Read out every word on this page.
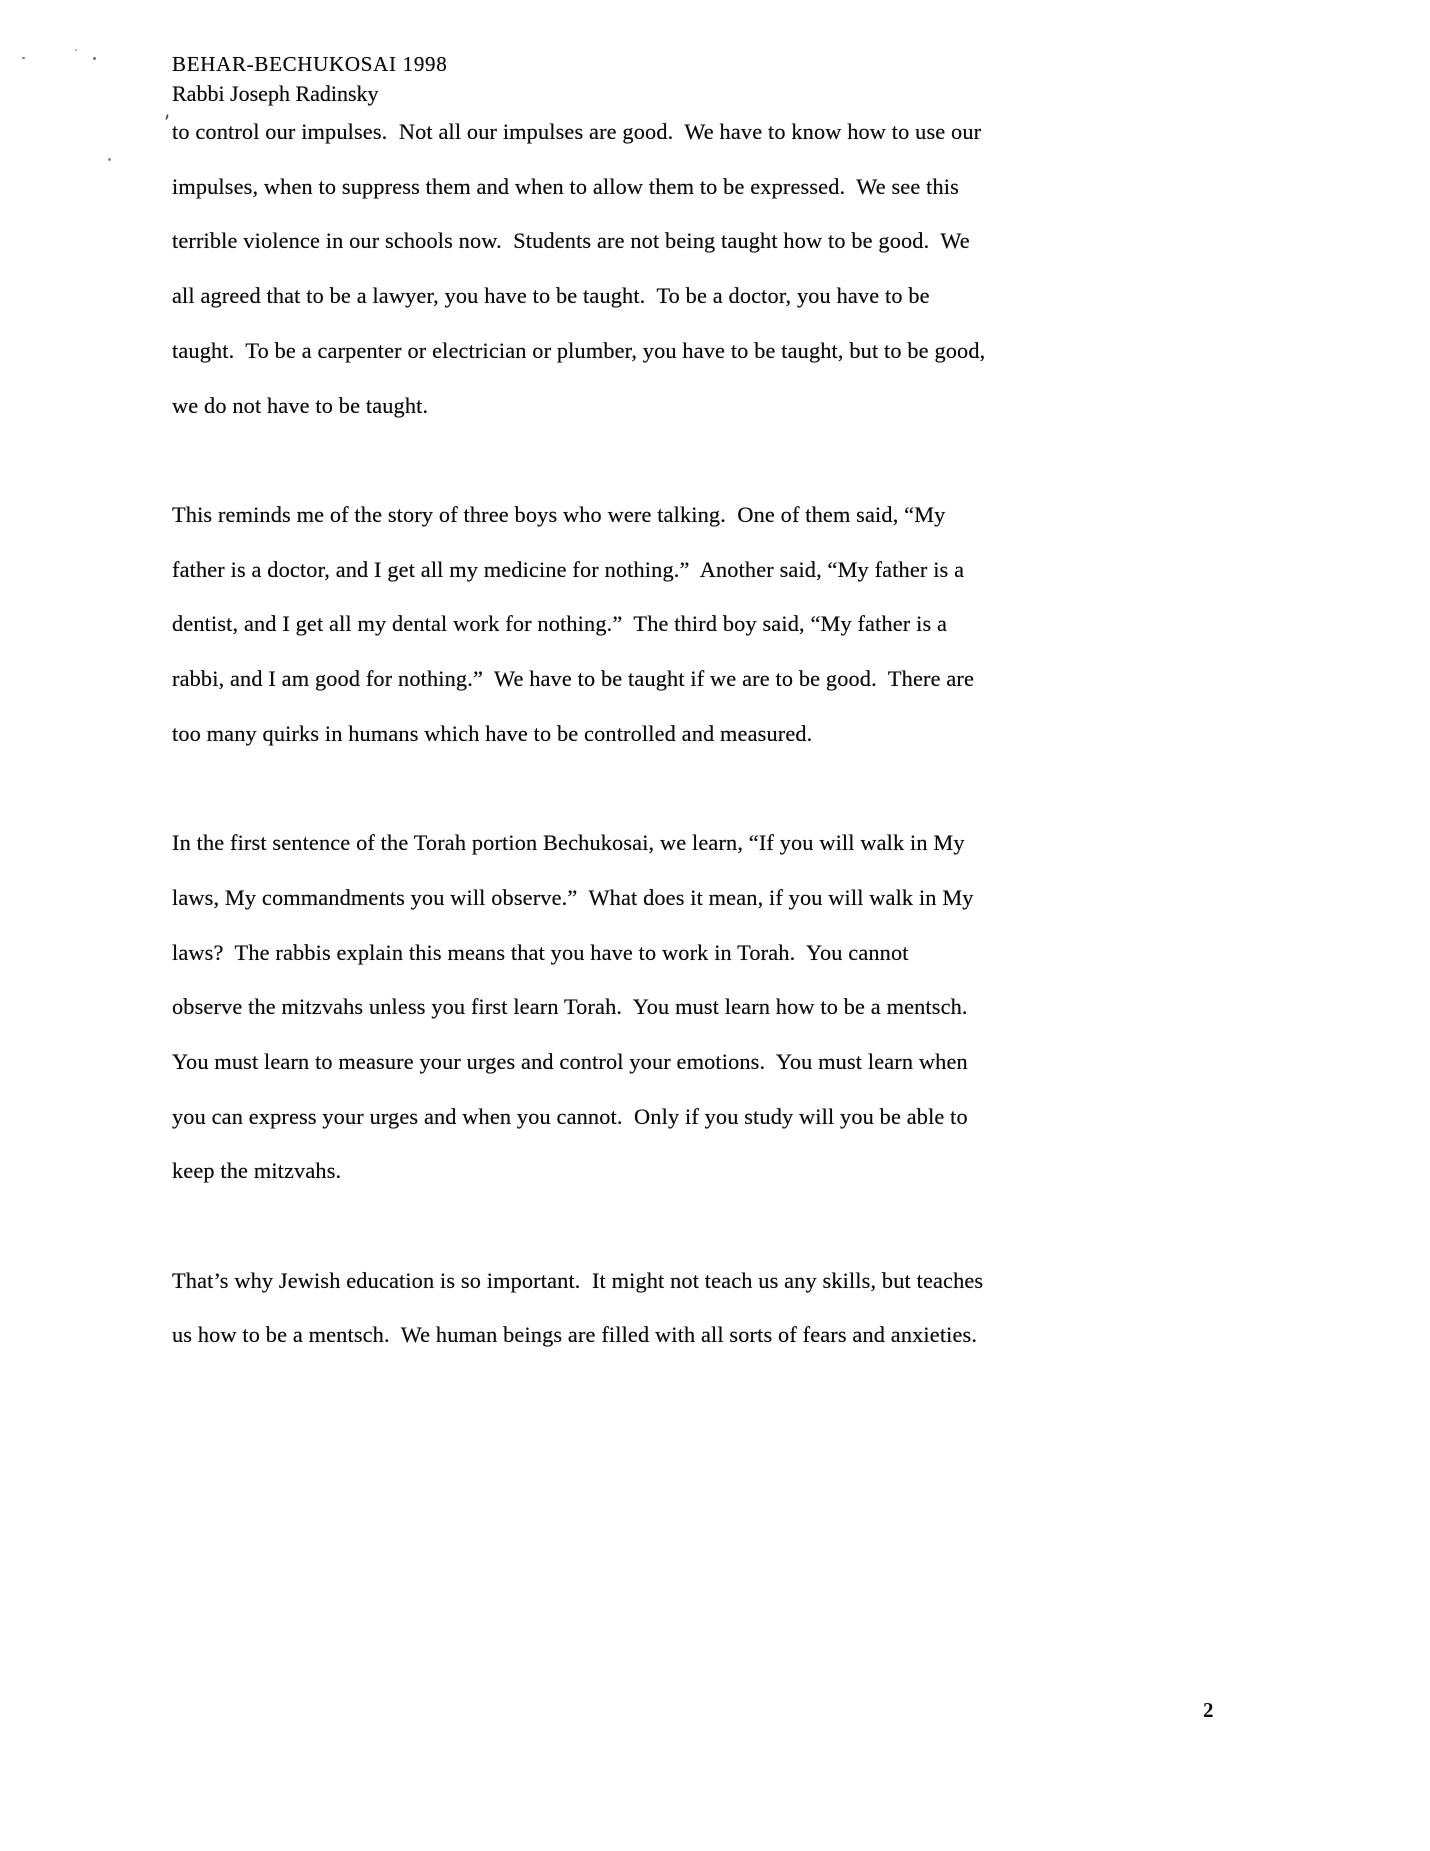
BEHAR-BECHUKOSAI 1998
Rabbi Joseph Radinsky
to control our impulses.  Not all our impulses are good.  We have to know how to use our
impulses, when to suppress them and when to allow them to be expressed.  We see this
terrible violence in our schools now.  Students are not being taught how to be good.  We
all agreed that to be a lawyer, you have to be taught.  To be a doctor, you have to be
taught.  To be a carpenter or electrician or plumber, you have to be taught, but to be good,
we do not have to be taught.
This reminds me of the story of three boys who were talking.  One of them said, “My
father is a doctor, and I get all my medicine for nothing.”  Another said, “My father is a
dentist, and I get all my dental work for nothing.”  The third boy said, “My father is a
rabbi, and I am good for nothing.”  We have to be taught if we are to be good.  There are
too many quirks in humans which have to be controlled and measured.
In the first sentence of the Torah portion Bechukosai, we learn, “If you will walk in My
laws, My commandments you will observe.”  What does it mean, if you will walk in My
laws?  The rabbis explain this means that you have to work in Torah.  You cannot
observe the mitzvahs unless you first learn Torah.  You must learn how to be a mentsch.
You must learn to measure your urges and control your emotions.  You must learn when
you can express your urges and when you cannot.  Only if you study will you be able to
keep the mitzvahs.
That’s why Jewish education is so important.  It might not teach us any skills, but teaches
us how to be a mentsch.  We human beings are filled with all sorts of fears and anxieties.
2
